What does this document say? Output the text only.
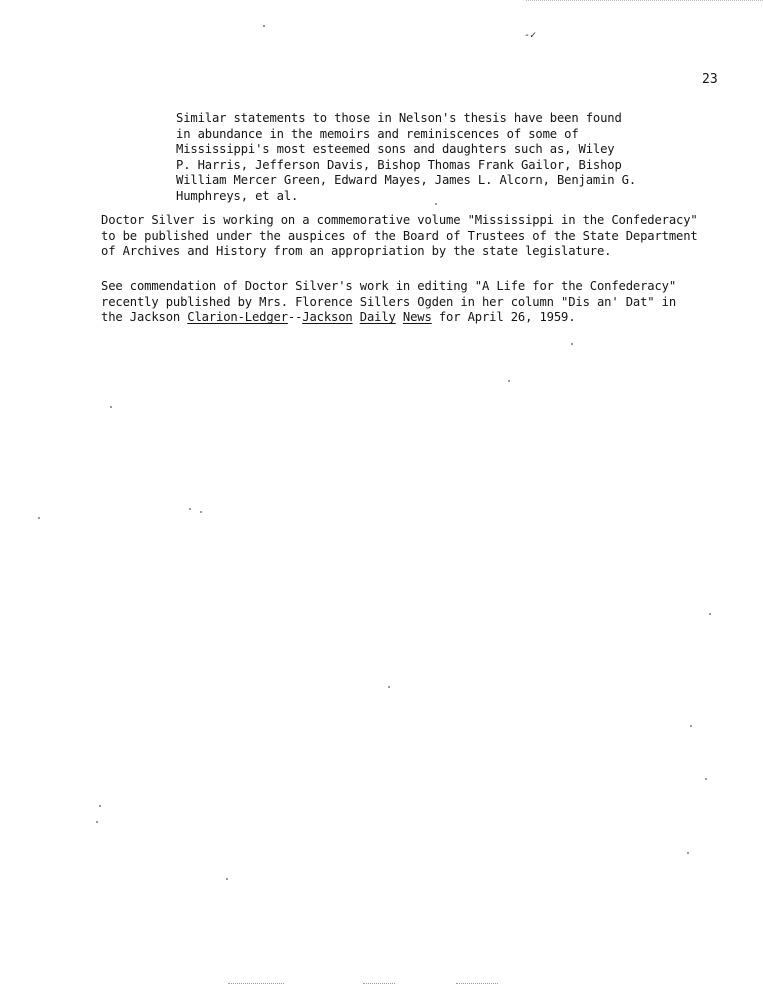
-✓
23
Similar statements to those in Nelson's thesis have been found
in abundance in the memoirs and reminiscences of some of
Mississippi's most esteemed sons and daughters such as, Wiley
P. Harris, Jefferson Davis, Bishop Thomas Frank Gailor, Bishop
William Mercer Green, Edward Mayes, James L. Alcorn, Benjamin G.
Humphreys, et al.
Doctor Silver is working on a commemorative volume "Mississippi in the Confederacy"
to be published under the auspices of the Board of Trustees of the State Department
of Archives and History from an appropriation by the state legislature.
See commendation of Doctor Silver's work in editing "A Life for the Confederacy"
recently published by Mrs. Florence Sillers Ogden in her column "Dis an' Dat" in
the Jackson Clarion-Ledger--Jackson Daily News for April 26, 1959.
